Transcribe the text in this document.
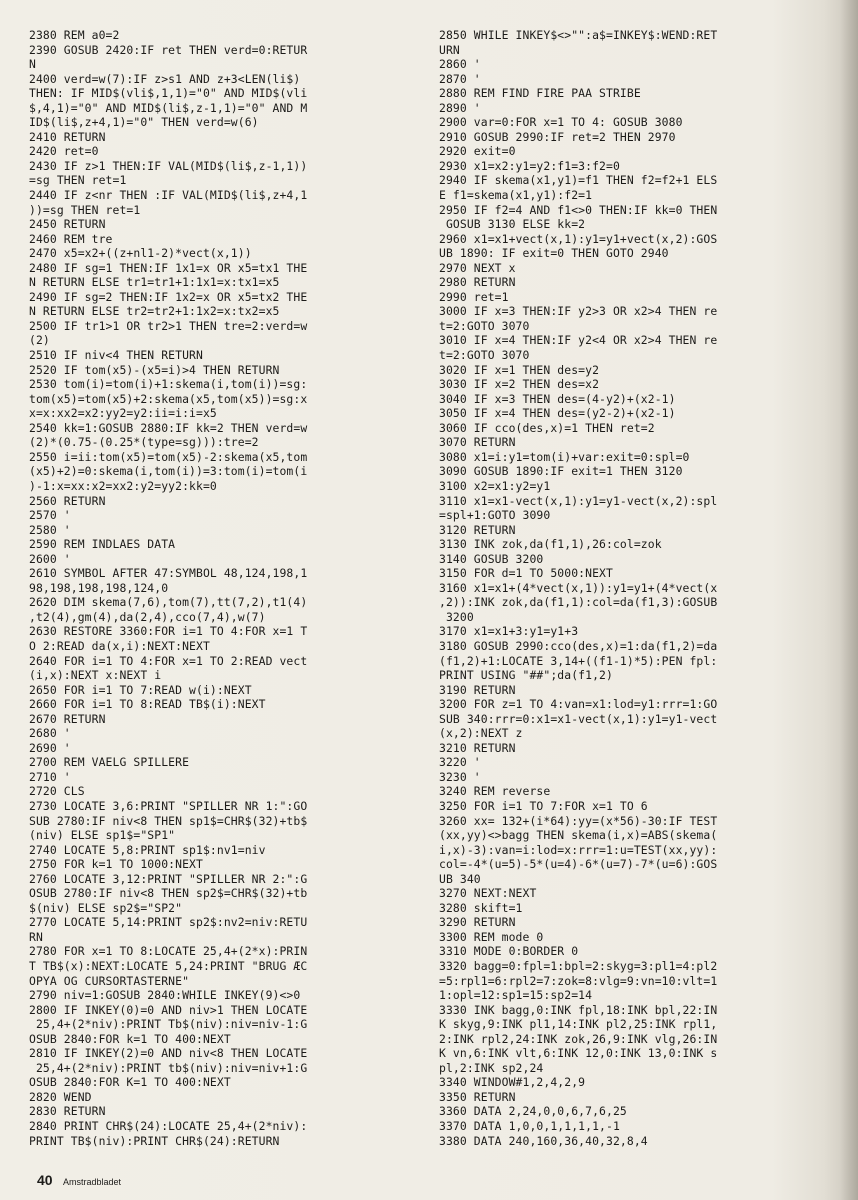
2380 REM a0=2
2390 GOSUB 2420:IF ret THEN verd=0:RETUR
N
2400 verd=w(7):IF z>s1 AND z+3<LEN(li$)
THEN: IF MID$(vli$,1,1)="0" AND MID$(vli
$,4,1)="0" AND MID$(li$,z-1,1)="0" AND M
ID$(li$,z+4,1)="0" THEN verd=w(6)
2410 RETURN
2420 ret=0
2430 IF z>1 THEN:IF VAL(MID$(li$,z-1,1))
=sg THEN ret=1
2440 IF z<nr THEN :IF VAL(MID$(li$,z+4,1
))=sg THEN ret=1
2450 RETURN
2460 REM tre
2470 x5=x2+((z+nl1-2)*vect(x,1))
2480 IF sg=1 THEN:IF 1x1=x OR x5=tx1 THE
N RETURN ELSE tr1=tr1+1:1x1=x:tx1=x5
2490 IF sg=2 THEN:IF 1x2=x OR x5=tx2 THE
N RETURN ELSE tr2=tr2+1:1x2=x:tx2=x5
2500 IF tr1>1 OR tr2>1 THEN tre=2:verd=w
(2)
2510 IF niv<4 THEN RETURN
2520 IF tom(x5)-(x5=i)>4 THEN RETURN
2530 tom(i)=tom(i)+1:skema(i,tom(i))=sg:
tom(x5)=tom(x5)+2:skema(x5,tom(x5))=sg:x
x=x:xx2=x2:yy2=y2:ii=i:i=x5
2540 kk=1:GOSUB 2880:IF kk=2 THEN verd=w
(2)*(0.75-(0.25*(type=sg))):tre=2
2550 i=ii:tom(x5)=tom(x5)-2:skema(x5,tom
(x5)+2)=0:skema(i,tom(i))=3:tom(i)=tom(i
)-1:x=xx:x2=xx2:y2=yy2:kk=0
2560 RETURN
2570 '
2580 '
2590 REM INDLAES DATA
2600 '
2610 SYMBOL AFTER 47:SYMBOL 48,124,198,1
98,198,198,198,124,0
2620 DIM skema(7,6),tom(7),tt(7,2),t1(4)
,t2(4),gm(4),da(2,4),cco(7,4),w(7)
2630 RESTORE 3360:FOR i=1 TO 4:FOR x=1 T
O 2:READ da(x,i):NEXT:NEXT
2640 FOR i=1 TO 4:FOR x=1 TO 2:READ vect
(i,x):NEXT x:NEXT i
2650 FOR i=1 TO 7:READ w(i):NEXT
2660 FOR i=1 TO 8:READ TB$(i):NEXT
2670 RETURN
2680 '
2690 '
2700 REM VAELG SPILLERE
2710 '
2720 CLS
2730 LOCATE 3,6:PRINT "SPILLER NR 1:":GO
SUB 2780:IF niv<8 THEN sp1$=CHR$(32)+tb$
(niv) ELSE sp1$="SP1"
2740 LOCATE 5,8:PRINT sp1$:nv1=niv
2750 FOR k=1 TO 1000:NEXT
2760 LOCATE 3,12:PRINT "SPILLER NR 2:":G
OSUB 2780:IF niv<8 THEN sp2$=CHR$(32)+tb
$(niv) ELSE sp2$="SP2"
2770 LOCATE 5,14:PRINT sp2$:nv2=niv:RETU
RN
2780 FOR x=1 TO 8:LOCATE 25,4+(2*x):PRIN
T TB$(x):NEXT:LOCATE 5,24:PRINT "BRUG ÆC
OPYA OG CURSORTASTERNE"
2790 niv=1:GOSUB 2840:WHILE INKEY(9)<>0
2800 IF INKEY(0)=0 AND niv>1 THEN LOCATE
25,4+(2*niv):PRINT Tb$(niv):niv=niv-1:G
OSUB 2840:FOR k=1 TO 400:NEXT
2810 IF INKEY(2)=0 AND niv<8 THEN LOCATE
25,4+(2*niv):PRINT tb$(niv):niv=niv+1:G
OSUB 2840:FOR K=1 TO 400:NEXT
2820 WEND
2830 RETURN
2840 PRINT CHR$(24):LOCATE 25,4+(2*niv):
PRINT TB$(niv):PRINT CHR$(24):RETURN
2850 WHILE INKEY$<>"":a$=INKEY$:WEND:RET
URN
2860 '
2870 '
2880 REM FIND FIRE PAA STRIBE
2890 '
2900 var=0:FOR x=1 TO 4: GOSUB 3080
2910 GOSUB 2990:IF ret=2 THEN 2970
2920 exit=0
2930 x1=x2:y1=y2:f1=3:f2=0
2940 IF skema(x1,y1)=f1 THEN f2=f2+1 ELS
E f1=skema(x1,y1):f2=1
2950 IF f2=4 AND f1<>0 THEN:IF kk=0 THEN
GOSUB 3130 ELSE kk=2
2960 x1=x1+vect(x,1):y1=y1+vect(x,2):GOS
UB 1890: IF exit=0 THEN GOTO 2940
2970 NEXT x
2980 RETURN
2990 ret=1
3000 IF x=3 THEN:IF y2>3 OR x2>4 THEN re
t=2:GOTO 3070
3010 IF x=4 THEN:IF y2<4 OR x2>4 THEN re
t=2:GOTO 3070
3020 IF x=1 THEN des=y2
3030 IF x=2 THEN des=x2
3040 IF x=3 THEN des=(4-y2)+(x2-1)
3050 IF x=4 THEN des=(y2-2)+(x2-1)
3060 IF cco(des,x)=1 THEN ret=2
3070 RETURN
3080 x1=i:y1=tom(i)+var:exit=0:spl=0
3090 GOSUB 1890:IF exit=1 THEN 3120
3100 x2=x1:y2=y1
3110 x1=x1-vect(x,1):y1=y1-vect(x,2):spl
=spl+1:GOTO 3090
3120 RETURN
3130 INK zok,da(f1,1),26:col=zok
3140 GOSUB 3200
3150 FOR d=1 TO 5000:NEXT
3160 x1=x1+(4*vect(x,1)):y1=y1+(4*vect(x
,2)):INK zok,da(f1,1):col=da(f1,3):GOSUB
3200
3170 x1=x1+3:y1=y1+3
3180 GOSUB 2990:cco(des,x)=1:da(f1,2)=da
(f1,2)+1:LOCATE 3,14+((f1-1)*5):PEN fpl:
PRINT USING "##";da(f1,2)
3190 RETURN
3200 FOR z=1 TO 4:van=x1:lod=y1:rrr=1:GO
SUB 340:rrr=0:x1=x1-vect(x,1):y1=y1-vect
(x,2):NEXT z
3210 RETURN
3220 '
3230 '
3240 REM reverse
3250 FOR i=1 TO 7:FOR x=1 TO 6
3260 xx= 132+(i*64):yy=(x*56)-30:IF TEST
(xx,yy)<>bagg THEN skema(i,x)=ABS(skema(
i,x)-3):van=i:lod=x:rrr=1:u=TEST(xx,yy):
col=-4*(u=5)-5*(u=4)-6*(u=7)-7*(u=6):GOS
UB 340
3270 NEXT:NEXT
3280 skift=1
3290 RETURN
3300 REM mode 0
3310 MODE 0:BORDER 0
3320 bagg=0:fpl=1:bpl=2:skyg=3:pl1=4:pl2
=5:rpl1=6:rpl2=7:zok=8:vlg=9:vn=10:vlt=1
1:opl=12:sp1=15:sp2=14
3330 INK bagg,0:INK fpl,18:INK bpl,22:IN
K skyg,9:INK pl1,14:INK pl2,25:INK rpl1,
2:INK rpl2,24:INK zok,26,9:INK vlg,26:IN
K vn,6:INK vlt,6:INK 12,0:INK 13,0:INK s
pl,2:INK sp2,24
3340 WINDOW#1,2,4,2,9
3350 RETURN
3360 DATA 2,24,0,0,6,7,6,25
3370 DATA 1,0,0,1,1,1,1,-1
3380 DATA 240,160,36,40,32,8,4
40 Amstradbladet
